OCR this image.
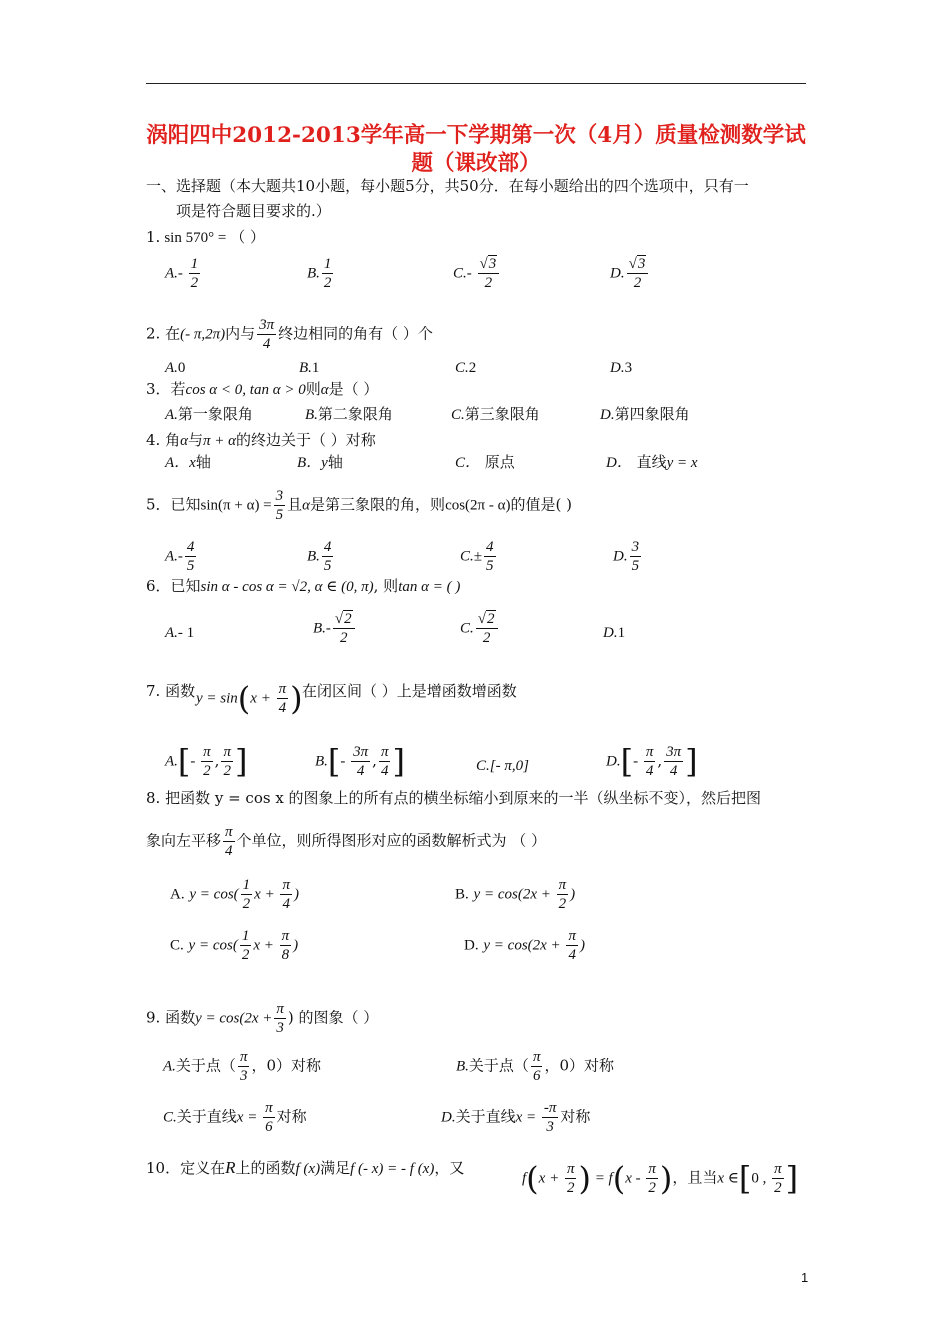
涡阳四中2012-2013学年高一下学期第一次（4月）质量检测数学试
题（课改部）
一、选择题（本大题共10小题，每小题5分，共50分．在每小题给出的四个选项中，只有一
项是符合题目要求的.）
1. sin 570° = （ ）
$A.- \frac{1}{2}$	B. $\frac{1}{2}$	$C.- \frac{√3}{2}$	D. $\frac{√3}{2}$
2. 在(- π,2π)内与 $\frac{3\pi}{4}$ 终边相同的角有（ ）个
A.0	B.1	C.2	D.3
3．若cos α < 0, tan α > 0则α是（ ）
A.第一象限角	B.第二象限角	C.第三象限角	D.第四象限角
4. 角α与π + α的终边关于（ ）对称
A．x轴	B．y轴	C． 原点	D． 直线y = x
5．已知$\sin(\pi + \alpha) = \frac{3}{5}$ 且α是第三象限的角，则cos(2π - α)的值是( )
$A.- \frac{4}{5}$	B. $\frac{4}{5}$	$C.\pm \frac{4}{5}$	D. $\frac{3}{5}$
6．已知sin α - cos α = √2, α ∈ (0, π), 则tan α = ( )
A.- 1	$B.- \frac{√2}{2}$	C. $\frac{√2}{2}$	D.1
7. 函数 $y = \sin(x + \frac{\pi}{4}$ ) 在闭区间（ ）上是增函数增函数
$A.[- \frac{\pi}{2}$ , $\frac{\pi}{2}$ ]	$B.[- \frac{3\pi}{4}$ , $\frac{\pi}{4}$ ]	C.[- π,0]	$D.[- \frac{\pi}{4}$ , $\frac{3\pi}{4}$ ]
8. 把函数 y = cos x 的图象上的所有点的横坐标缩小到原来的一半（纵坐标不变），然后把图
象向左平移 $\frac{\pi}{4}$ 个单位，则所得图形对应的函数解析式为 （ ）
A. $y = \cos( \frac{1}{2}$ $x + \frac{\pi}{4}$ )	B. $y = \cos(2x + \frac{\pi}{2}$ )
C. $y = \cos( \frac{1}{2}$ $x + \frac{\pi}{8}$ )	D. $y = \cos(2x + \frac{\pi}{4}$ )
9. 函数$y = \cos(2x + \frac{\pi}{3}$ ) 的图象（ ）
A.关于点（ $\frac{\pi}{3}$ ，0）对称	B.关于点（ $\frac{\pi}{6}$ ，0）对称
C.关于直线$x = \frac{\pi}{6}$ 对称	D.关于直线$x = \frac{-\pi}{3}$ 对称
10．定义在R上的函数f (x)满足f (- x) = - f (x)，又
$f(x + \frac{\pi}{2}$ ) = $f(x - \frac{\pi}{2}$ )，且当x ∈[0 , $\frac{\pi}{2}$ ]
1
